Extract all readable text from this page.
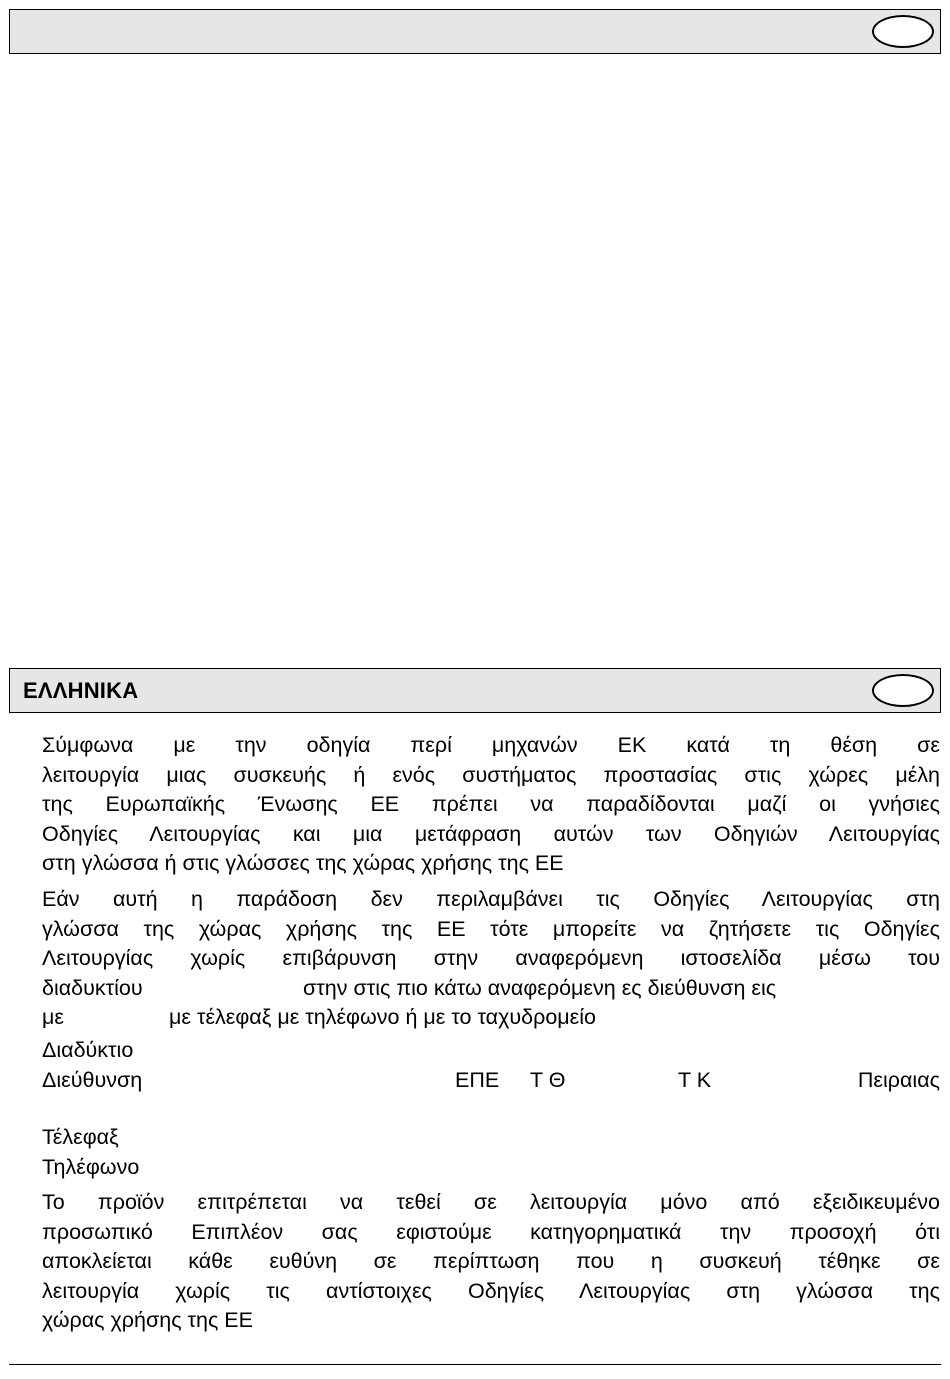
ΕΛΛΗΝΙΚΑ

Σύμφωνα με την οδηγία περί μηχανών ΕΚ κατά τη θέση σε

λειτουργία μιας συσκευής ή ενός συστήματος προστασίας στις χώρες μέλη

της Ευρωπαϊκής Ένωσης ΕΕ πρέπει να παραδίδονται μαζί οι γνήσιες

Οδηγίες Λειτουργίας και μια μετάφραση αυτών των Οδηγιών Λειτουργίας

στη γλώσσα ή στις γλώσσες της χώρας χρήσης της ΕΕ

Εάν αυτή η παράδοση δεν περιλαμβάνει τις Οδηγίες Λειτουργίας στη

γλώσσα της χώρας χρήσης της ΕΕ τότε μπορείτε να ζητήσετε τις Οδηγίες

Λειτουργίας χωρίς επιβάρυνση στην αναφερόμενη ιστοσελίδα μέσω του

διαδυκτίου	στην στις πιο κάτω αναφερόμενη ες διεύθυνση εις
με	με τέλεφαξ με τηλέφωνο ή με το ταχυδρομείο
Διαδύκτιο
Διεύθυνση	ΕΠΕ Τ Θ	Τ Κ	Πειραιας
Τέλεφαξ
Τηλέφωνο

Το προϊόν επιτρέπεται να τεθεί σε λειτουργία μόνο από εξειδικευμένο

προσωπικό Επιπλέον σας εφιστούμε κατηγορηματικά την προσοχή ότι

αποκλείεται κάθε ευθύνη σε περίπτωση που η συσκευή τέθηκε σε

λειτουργία χωρίς τις αντίστοιχες Οδηγίες Λειτουργίας στη γλώσσα της

χώρας χρήσης της ΕΕ
